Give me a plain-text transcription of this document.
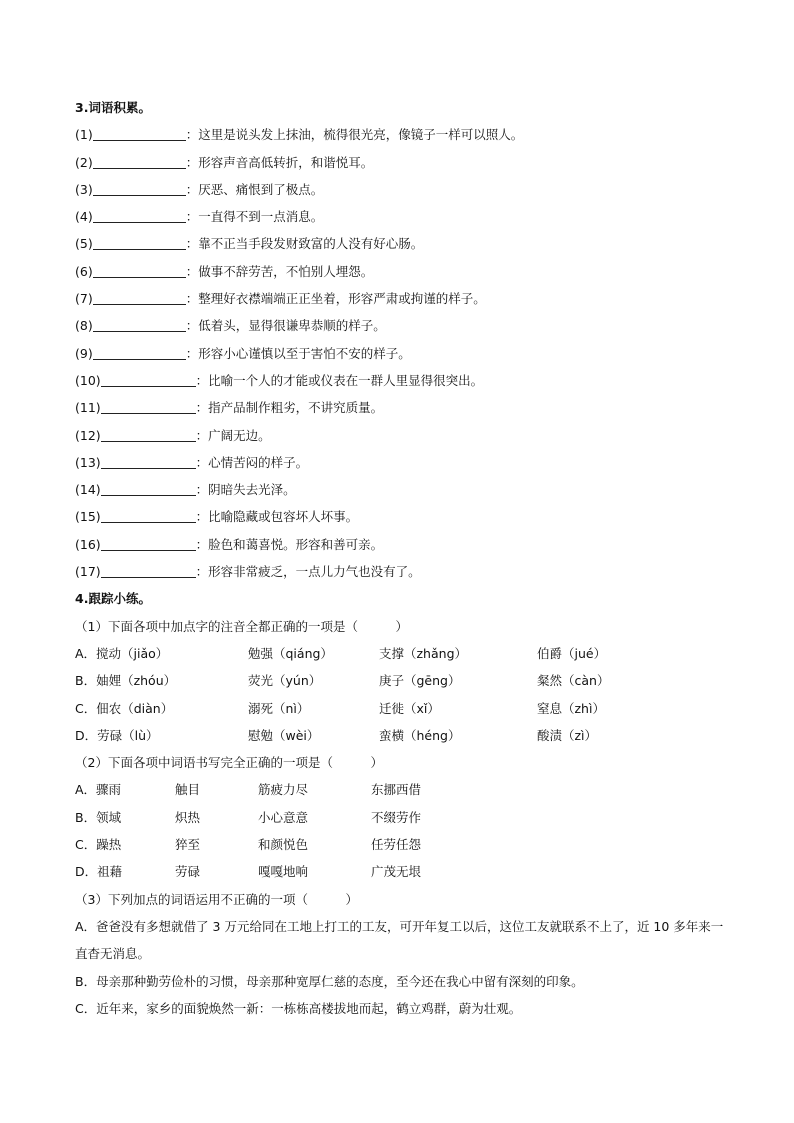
3.词语积累。
(1)	：这里是说头发上抹油，梳得很光亮，像镜子一样可以照人。
(2)	：形容声音高低转折，和谐悦耳。
(3)	：厌恶、痛恨到了极点。
(4)	：一直得不到一点消息。
(5)	：靠不正当手段发财致富的人没有好心肠。
(6)	：做事不辞劳苦，不怕别人埋怨。
(7)	：整理好衣襟端端正正坐着，形容严肃或拘谨的样子。
(8)	：低着头，显得很谦卑恭顺的样子。
(9)	：形容小心谨慎以至于害怕不安的样子。
(10)	：比喻一个人的才能或仪表在一群人里显得很突出。
(11)	：指产品制作粗劣，不讲究质量。
(12)	：广阔无边。
(13)	：心情苦闷的样子。
(14)	：阴暗失去光泽。
(15)	：比喻隐藏或包容坏人坏事。
(16)	：脸色和蔼喜悦。形容和善可亲。
(17)	：形容非常疲乏，一点儿力气也没有了。
4.跟踪小练。
（1）下面各项中加点字的注音全都正确的一项是（　　　）
A．搅动（jiǎo）	勉强（qiáng）	支撑（zhǎng）	伯爵（jué）
B．妯娌（zhóu）	荧光（yún）	庚子（gēng）	粲然（càn）
C．佃农（diàn）	溺死（nì）	迁徙（xǐ）	窒息（zhì）
D．劳碌（lù）	慰勉（wèi）	蛮横（héng）	酸渍（zì）
（2）下面各项中词语书写完全正确的一项是（　　　）
A．骤雨	触目	筋疲力尽	东挪西借
B．领域	炽热	小心意意	不缀劳作
C．躁热	猝至	和颜悦色	任劳任怨
D．祖藉	劳碌	嘎嘎地响	广茂无垠
（3）下列加点的词语运用不正确的一项（　　　）
A．爸爸没有多想就借了 3 万元给同在工地上打工的工友，可开年复工以后，这位工友就联系不上了，近 10 多年来一直杳无消息。
B．母亲那种勤劳俭朴的习惯，母亲那种宽厚仁慈的态度，至今还在我心中留有深刻的印象。
C．近年来，家乡的面貌焕然一新：一栋栋高楼拔地而起，鹤立鸡群，蔚为壮观。
